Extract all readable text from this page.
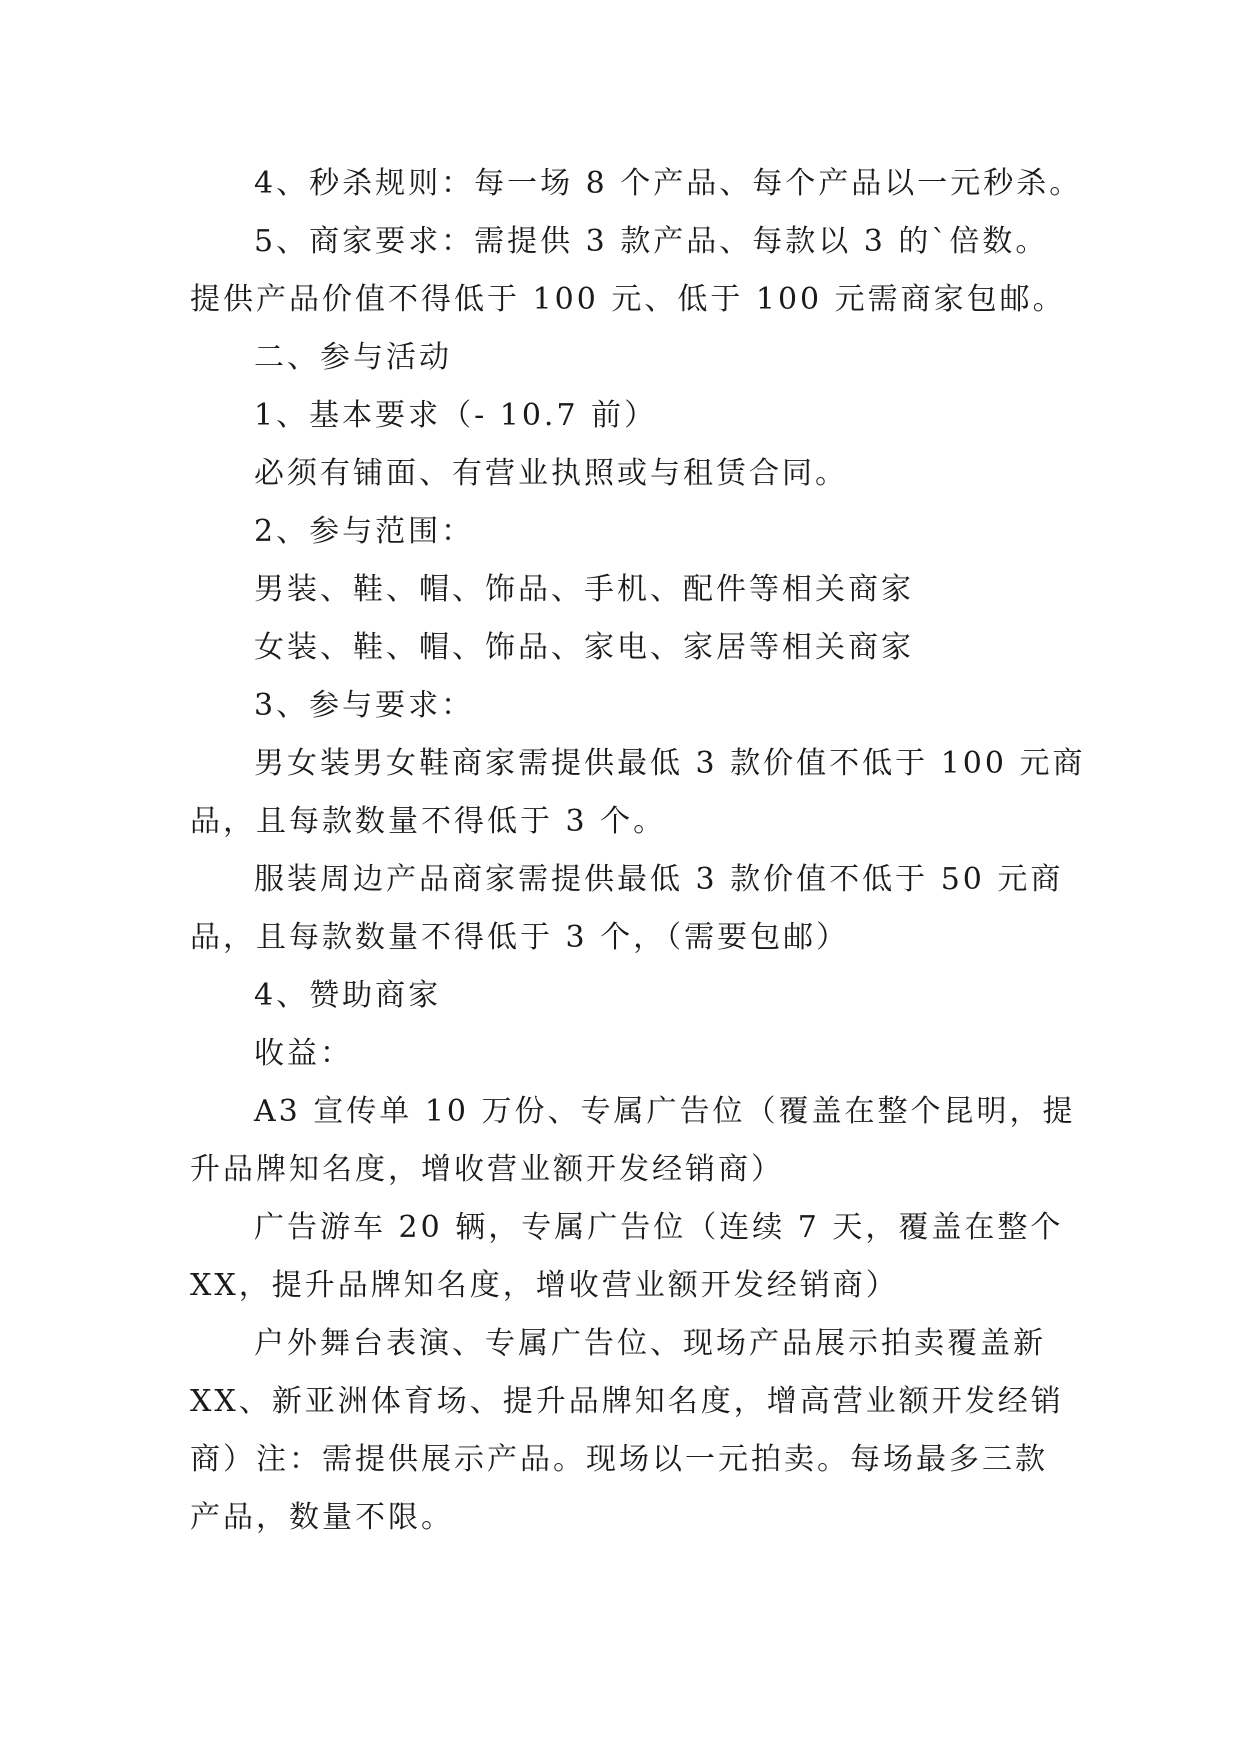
4、秒杀规则：每一场 8 个产品、每个产品以一元秒杀。

5、商家要求：需提供 3 款产品、每款以 3 的`倍数。

提供产品价值不得低于 100 元、低于 100 元需商家包邮。

二、参与活动

1、基本要求（- 10.7 前）

必须有铺面、有营业执照或与租赁合同。

2、参与范围：

男装、鞋、帽、饰品、手机、配件等相关商家

女装、鞋、帽、饰品、家电、家居等相关商家

3、参与要求：

男女装男女鞋商家需提供最低 3 款价值不低于 100 元商

品，且每款数量不得低于 3 个。

服装周边产品商家需提供最低 3 款价值不低于 50 元商

品，且每款数量不得低于 3 个，（需要包邮）

4、赞助商家

收益：

A3 宣传单 10 万份、专属广告位（覆盖在整个昆明，提

升品牌知名度，增收营业额开发经销商）

广告游车 20 辆，专属广告位（连续 7 天，覆盖在整个

XX，提升品牌知名度，增收营业额开发经销商）

户外舞台表演、专属广告位、现场产品展示拍卖覆盖新

XX、新亚洲体育场、提升品牌知名度，增高营业额开发经销

商）注：需提供展示产品。现场以一元拍卖。每场最多三款

产品，数量不限。
